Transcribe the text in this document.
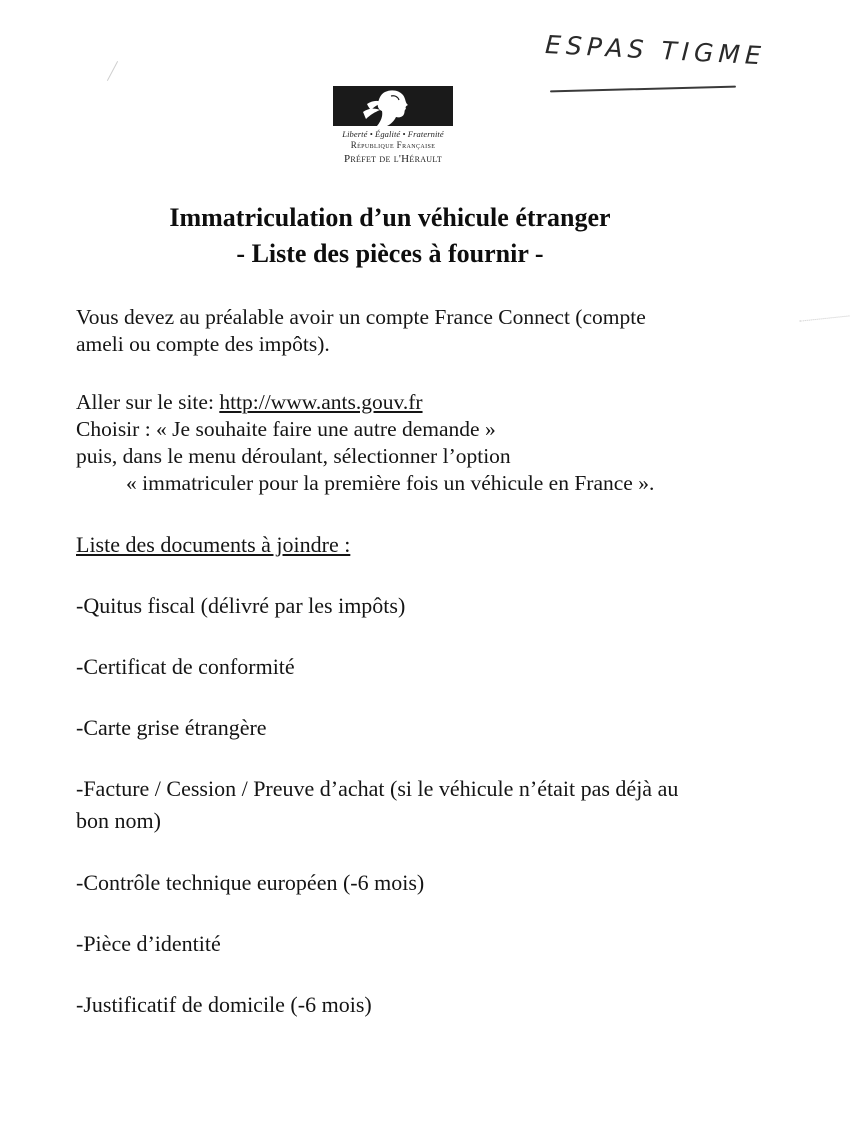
ESPAS TIGME
Liberté • Égalité • Fraternité
République Française
Préfet de l'Hérault
Immatriculation d’un véhicule étranger
- Liste des pièces à fournir -
Vous devez au préalable avoir un compte France Connect (compte
ameli ou compte des impôts).
Aller sur le site: http://www.ants.gouv.fr
Choisir : « Je souhaite faire une autre demande »
puis, dans le menu déroulant, sélectionner l’option
« immatriculer pour la première fois un véhicule en France ».
Liste des documents à joindre :
-Quitus fiscal (délivré par les impôts)
-Certificat de conformité
-Carte grise étrangère
-Facture / Cession / Preuve d’achat (si le véhicule n’était pas déjà au bon nom)
-Contrôle technique européen (-6 mois)
-Pièce d’identité
-Justificatif de domicile (-6 mois)
